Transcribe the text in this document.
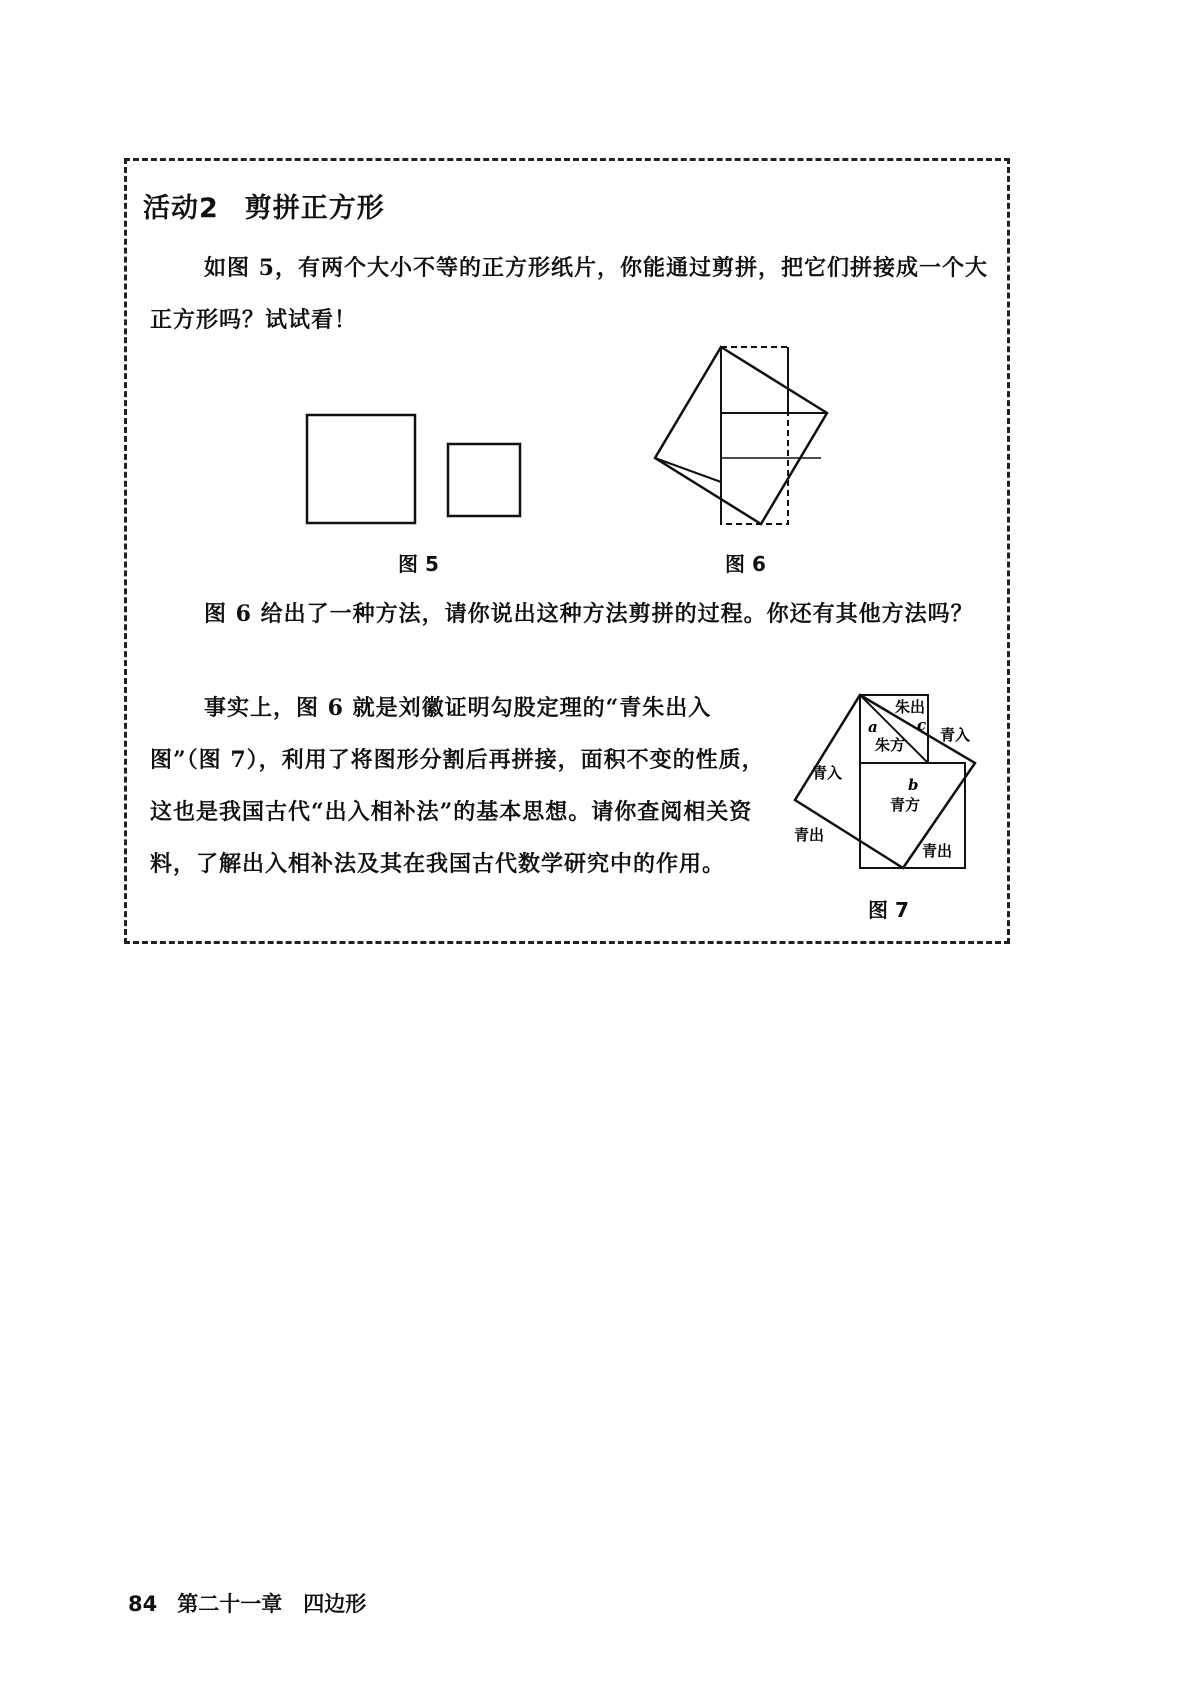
活动2 剪拼正方形

如图 5，有两个大小不等的正方形纸片，你能通过剪拼，把它们拼接成一个大正方形吗？试试看！

图 5	图 6

图 6 给出了一种方法，请你说出这种方法剪拼的过程。你还有其他方法吗？

事实上，图 6 就是刘徽证明勾股定理的“青朱出入图”（图 7），利用了将图形分割后再拼接，面积不变的性质，这也是我国古代“出入相补法”的基本思想。请你查阅相关资料，了解出入相补法及其在我国古代数学研究中的作用。

朱出
c
a
朱方
青入
青入
b
青方
青出
青出
图 7
84 第二十一章　四边形
